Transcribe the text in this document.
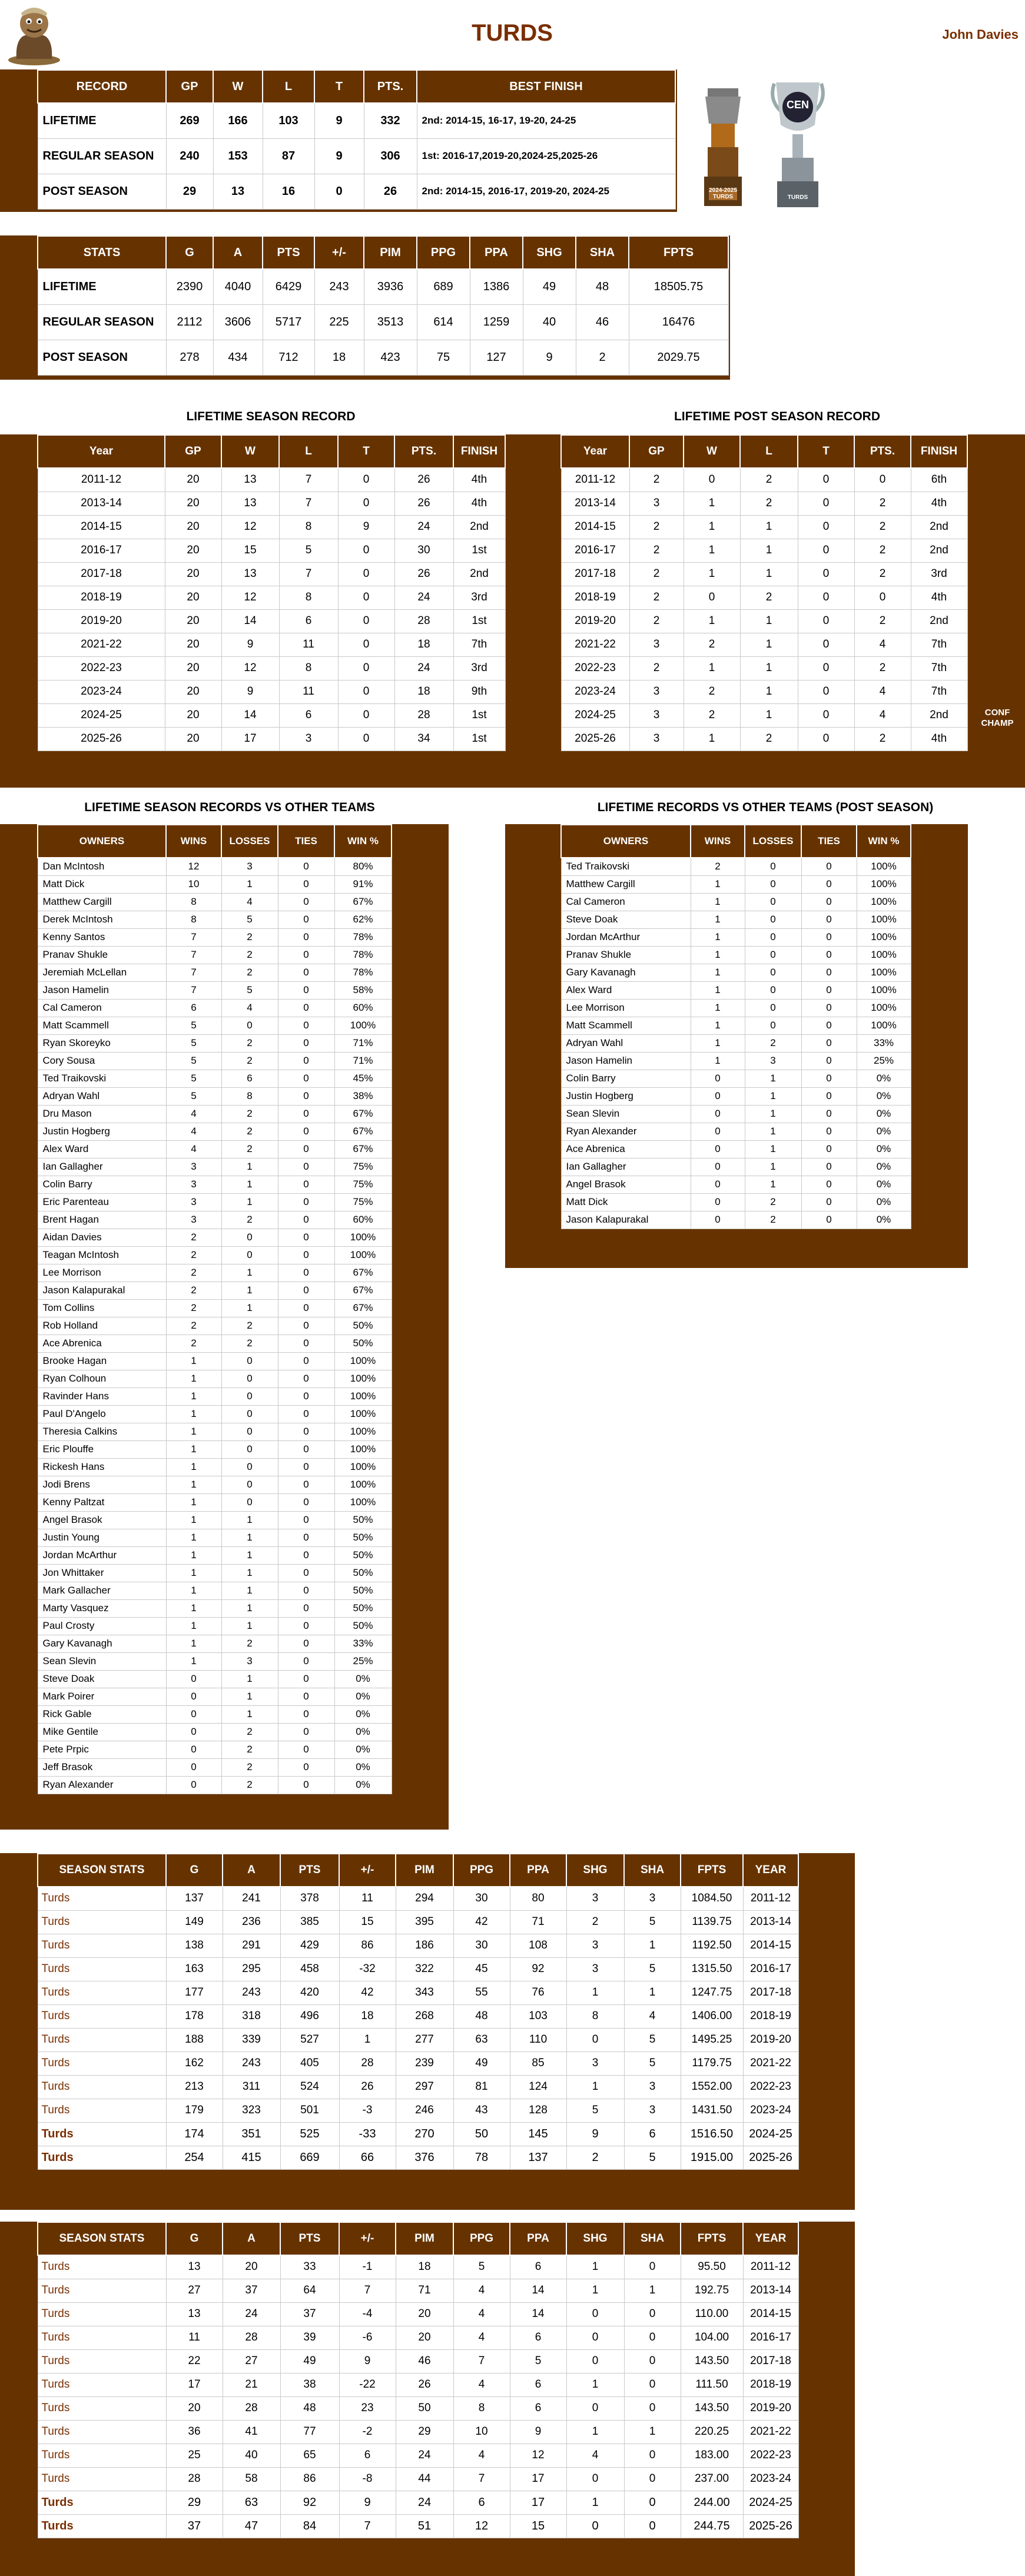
TURDS	John Davies
RECORD	GP	W	L	T	PTS.	BEST FINISH
LIFETIME	269	166	103	9	332	2nd: 2014-15, 16-17, 19-20, 24-25
REGULAR SEASON	240	153	87	9	306	1st: 2016-17,2019-20,2024-25,2025-26
POST SEASON	29	13	16	0	26	2nd: 2014-15, 2016-17, 2019-20, 2024-25	2024-2025 TURDS
CEN
TURDS
STATS	G	A	PTS	+/-	PIM	PPG	PPA	SHG	SHA	FPTS
LIFETIME	2390	4040	6429	243	3936	689	1386	49	48	18505.75
REGULAR SEASON	2112	3606	5717	225	3513	614	1259	40	46	16476
POST SEASON	278	434	712	18	423	75	127	9	2	2029.75
LIFETIME SEASON RECORD	LIFETIME POST SEASON RECORD
Year	GP	W	L	T	PTS.	FINISH
2011-12	20	13	7	0	26	4th
2013-14	20	13	7	0	26	4th
2014-15	20	12	8	9	24	2nd
2016-17	20	15	5	0	30	1st
2017-18	20	13	7	0	26	2nd
2018-19	20	12	8	0	24	3rd
2019-20	20	14	6	0	28	1st
2021-22	20	9	11	0	18	7th
2022-23	20	12	8	0	24	3rd
2023-24	20	9	11	0	18	9th
2024-25	20	14	6	0	28	1st
2025-26	20	17	3	0	34	1st
Year	GP	W	L	T	PTS.	FINISH
2011-12	2	0	2	0	0	6th
2013-14	3	1	2	0	2	4th
2014-15	2	1	1	0	2	2nd
2016-17	2	1	1	0	2	2nd
2017-18	2	1	1	0	2	3rd
2018-19	2	0	2	0	0	4th
2019-20	2	1	1	0	2	2nd
2021-22	3	2	1	0	4	7th
2022-23	2	1	1	0	2	7th
2023-24	3	2	1	0	4	7th
2024-25	3	2	1	0	4	2nd
2025-26	3	1	2	0	2	4th
CONF CHAMP
LIFETIME SEASON RECORDS VS OTHER TEAMS	LIFETIME RECORDS VS OTHER TEAMS (POST SEASON)
OWNERS	WINS	LOSSES	TIES	WIN %
Dan McIntosh	12	3	0	80%
Matt Dick	10	1	0	91%
Matthew Cargill	8	4	0	67%
Derek McIntosh	8	5	0	62%
Kenny Santos	7	2	0	78%
Pranav Shukle	7	2	0	78%
Jeremiah McLellan	7	2	0	78%
Jason Hamelin	7	5	0	58%
Cal Cameron	6	4	0	60%
Matt Scammell	5	0	0	100%
Ryan Skoreyko	5	2	0	71%
Cory Sousa	5	2	0	71%
Ted Traikovski	5	6	0	45%
Adryan Wahl	5	8	0	38%
Dru Mason	4	2	0	67%
Justin Hogberg	4	2	0	67%
Alex Ward	4	2	0	67%
Ian Gallagher	3	1	0	75%
Colin Barry	3	1	0	75%
Eric Parenteau	3	1	0	75%
Brent Hagan	3	2	0	60%
Aidan Davies	2	0	0	100%
Teagan McIntosh	2	0	0	100%
Lee Morrison	2	1	0	67%
Jason Kalapurakal	2	1	0	67%
Tom Collins	2	1	0	67%
Rob Holland	2	2	0	50%
Ace Abrenica	2	2	0	50%
Brooke Hagan	1	0	0	100%
Ryan Colhoun	1	0	0	100%
Ravinder Hans	1	0	0	100%
Paul D'Angelo	1	0	0	100%
Theresia Calkins	1	0	0	100%
Eric Plouffe	1	0	0	100%
Rickesh Hans	1	0	0	100%
Jodi Brens	1	0	0	100%
Kenny Paltzat	1	0	0	100%
Angel Brasok	1	1	0	50%
Justin Young	1	1	0	50%
Jordan McArthur	1	1	0	50%
Jon Whittaker	1	1	0	50%
Mark Gallacher	1	1	0	50%
Marty Vasquez	1	1	0	50%
Paul Crosty	1	1	0	50%
Gary Kavanagh	1	2	0	33%
Sean Slevin	1	3	0	25%
Steve Doak	0	1	0	0%
Mark Poirer	0	1	0	0%
Rick Gable	0	1	0	0%
Mike Gentile	0	2	0	0%
Pete Prpic	0	2	0	0%
Jeff Brasok	0	2	0	0%
Ryan Alexander	0	2	0	0%
OWNERS	WINS	LOSSES	TIES	WIN %
Ted Traikovski	2	0	0	100%
Matthew Cargill	1	0	0	100%
Cal Cameron	1	0	0	100%
Steve Doak	1	0	0	100%
Jordan McArthur	1	0	0	100%
Pranav Shukle	1	0	0	100%
Gary Kavanagh	1	0	0	100%
Alex Ward	1	0	0	100%
Lee Morrison	1	0	0	100%
Matt Scammell	1	0	0	100%
Adryan Wahl	1	2	0	33%
Jason Hamelin	1	3	0	25%
Colin Barry	0	1	0	0%
Justin Hogberg	0	1	0	0%
Sean Slevin	0	1	0	0%
Ryan Alexander	0	1	0	0%
Ace Abrenica	0	1	0	0%
Ian Gallagher	0	1	0	0%
Angel Brasok	0	1	0	0%
Matt Dick	0	2	0	0%
Jason Kalapurakal	0	2	0	0%
SEASON STATS	G	A	PTS	+/-	PIM	PPG	PPA	SHG	SHA	FPTS	YEAR
Turds	137	241	378	11	294	30	80	3	3	1084.50	2011-12
Turds	149	236	385	15	395	42	71	2	5	1139.75	2013-14
Turds	138	291	429	86	186	30	108	3	1	1192.50	2014-15
Turds	163	295	458	-32	322	45	92	3	5	1315.50	2016-17
Turds	177	243	420	42	343	55	76	1	1	1247.75	2017-18
Turds	178	318	496	18	268	48	103	8	4	1406.00	2018-19
Turds	188	339	527	1	277	63	110	0	5	1495.25	2019-20
Turds	162	243	405	28	239	49	85	3	5	1179.75	2021-22
Turds	213	311	524	26	297	81	124	1	3	1552.00	2022-23
Turds	179	323	501	-3	246	43	128	5	3	1431.50	2023-24
Turds	174	351	525	-33	270	50	145	9	6	1516.50	2024-25
Turds	254	415	669	66	376	78	137	2	5	1915.00	2025-26
SEASON STATS	G	A	PTS	+/-	PIM	PPG	PPA	SHG	SHA	FPTS	YEAR
Turds	13	20	33	-1	18	5	6	1	0	95.50	2011-12
Turds	27	37	64	7	71	4	14	1	1	192.75	2013-14
Turds	13	24	37	-4	20	4	14	0	0	110.00	2014-15
Turds	11	28	39	-6	20	4	6	0	0	104.00	2016-17
Turds	22	27	49	9	46	7	5	0	0	143.50	2017-18
Turds	17	21	38	-22	26	4	6	1	0	111.50	2018-19
Turds	20	28	48	23	50	8	6	0	0	143.50	2019-20
Turds	36	41	77	-2	29	10	9	1	1	220.25	2021-22
Turds	25	40	65	6	24	4	12	4	0	183.00	2022-23
Turds	28	58	86	-8	44	7	17	0	0	237.00	2023-24
Turds	29	63	92	9	24	6	17	1	0	244.00	2024-25
Turds	37	47	84	7	51	12	15	0	0	244.75	2025-26
